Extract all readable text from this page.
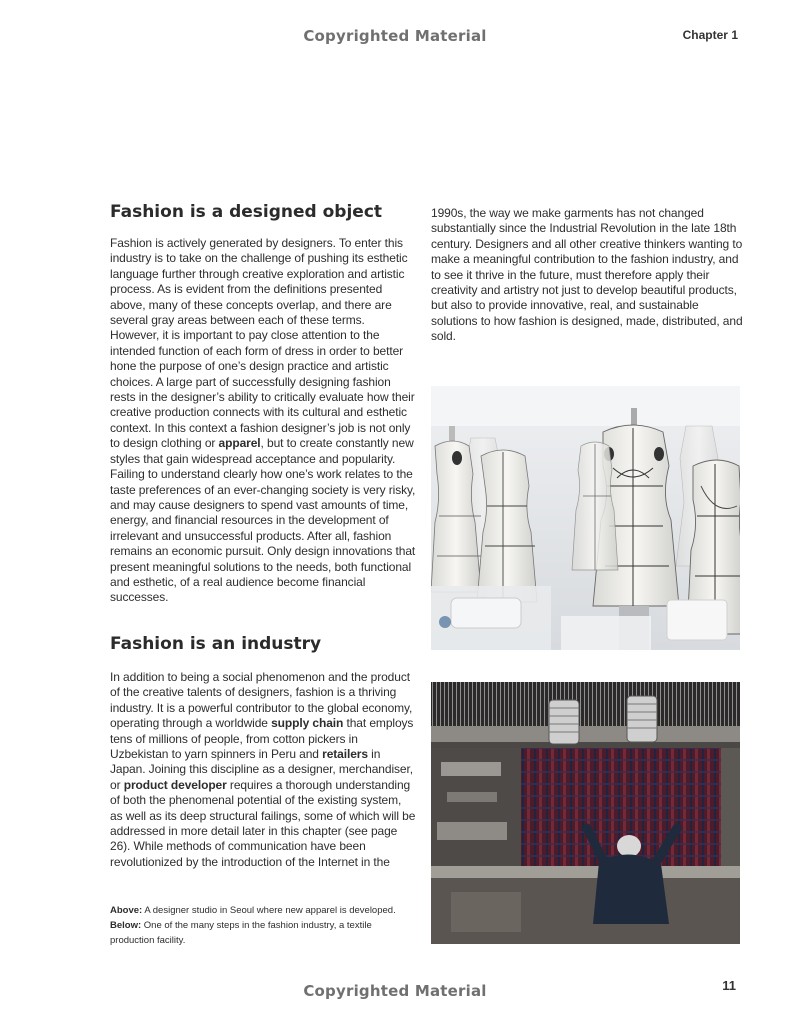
Copyrighted Material	Chapter 1
Fashion is a designed object

Fashion is actively generated by designers. To enter this industry is to take on the challenge of pushing its esthetic language further through creative exploration and artistic process. As is evident from the definitions presented above, many of these concepts overlap, and there are several gray areas between each of these terms. However, it is important to pay close attention to the intended function of each form of dress in order to better hone the purpose of one’s design practice and artistic choices. A large part of successfully designing fashion rests in the designer’s ability to critically evaluate how their creative production connects with its cultural and esthetic context. In this context a fashion designer’s job is not only to design clothing or apparel, but to create constantly new styles that gain widespread acceptance and popularity. Failing to understand clearly how one’s work relates to the taste preferences of an ever-changing society is very risky, and may cause designers to spend vast amounts of time, energy, and financial resources in the development of irrelevant and unsuccessful products. After all, fashion remains an economic pursuit. Only design innovations that present meaningful solutions to the needs, both functional and esthetic, of a real audience become financial successes.

Fashion is an industry

In addition to being a social phenomenon and the product of the creative talents of designers, fashion is a thriving industry. It is a powerful contributor to the global economy, operating through a worldwide supply chain that employs tens of millions of people, from cotton pickers in Uzbekistan to yarn spinners in Peru and retailers in Japan. Joining this discipline as a designer, merchandiser, or product developer requires a thorough understanding of both the phenomenal potential of the existing system, as well as its deep structural failings, some of which will be addressed in more detail later in this chapter (see page 26). While methods of communication have been revolutionized by the introduction of the Internet in the

Above: A designer studio in Seoul where new apparel is developed.
Below: One of the many steps in the fashion industry, a textile production facility.

1990s, the way we make garments has not changed substantially since the Industrial Revolution in the late 18th century. Designers and all other creative thinkers wanting to make a meaningful contribution to the fashion industry, and to see it thrive in the future, must therefore apply their creativity and artistry not just to develop beautiful products, but also to provide innovative, real, and sustainable solutions to how fashion is designed, made, distributed, and sold.

Copyrighted Material	11
